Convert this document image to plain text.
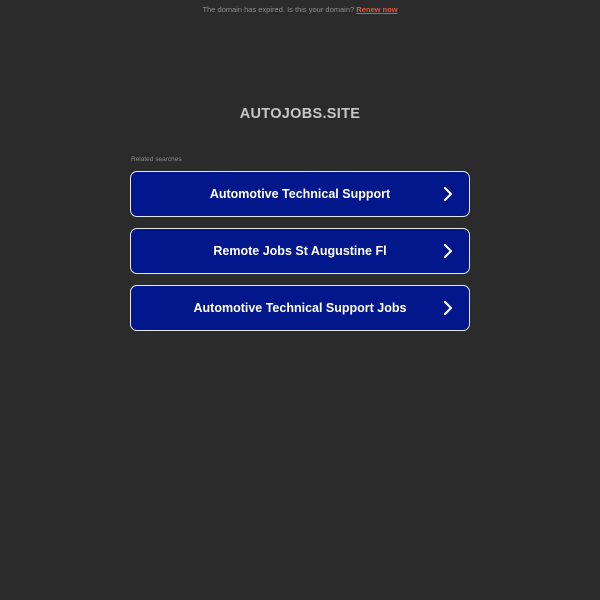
The domain has expired. Is this your domain? Renew now
AUTOJOBS.SITE
Related searches
Automotive Technical Support
Remote Jobs St Augustine Fl
Automotive Technical Support Jobs
